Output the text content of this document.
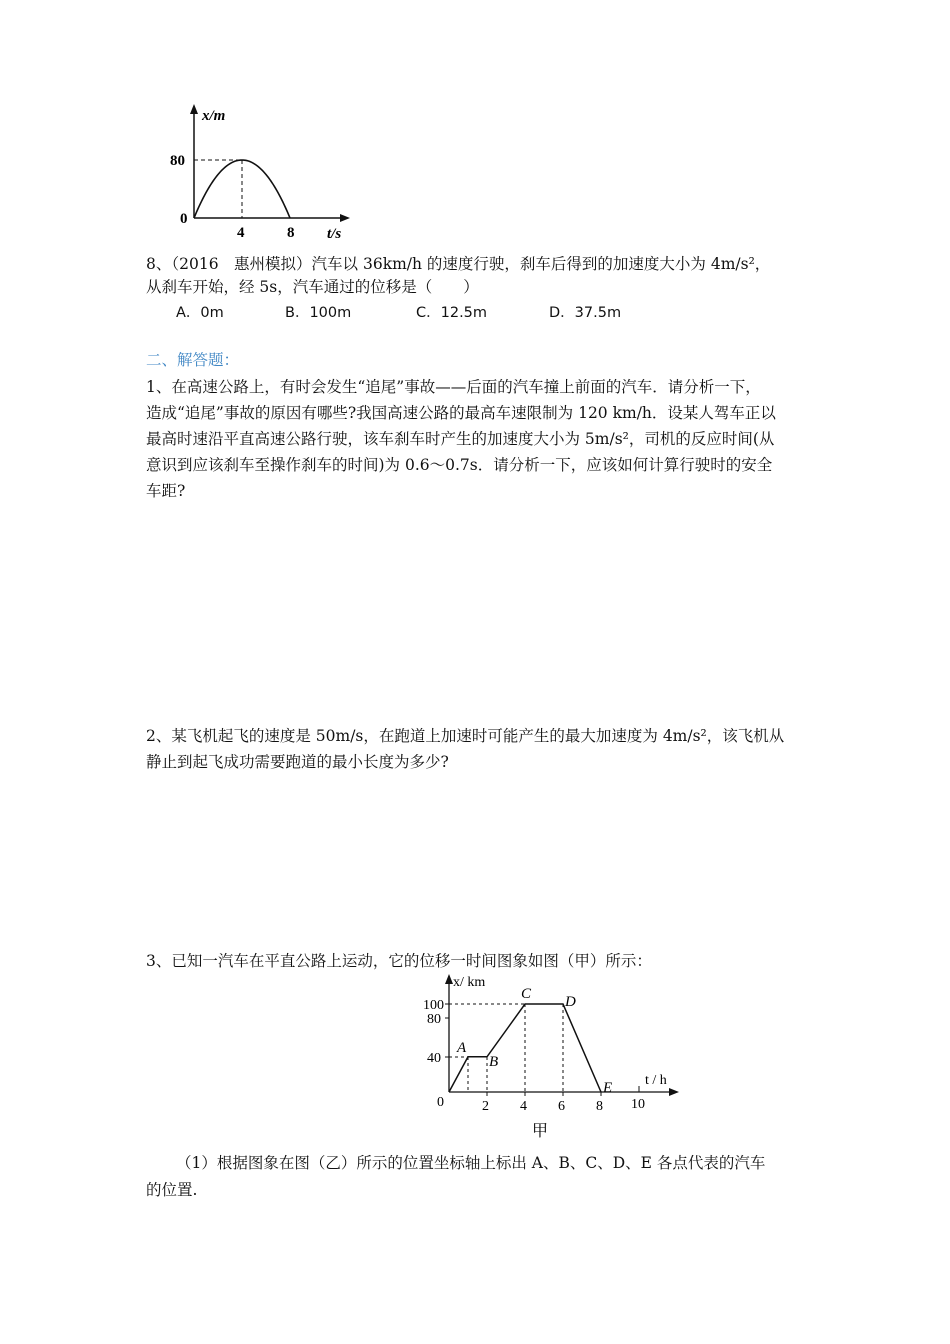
x/m
80
0
4	8 t/s
8、（2016　惠州模拟）汽车以 36km/h 的速度行驶，刹车后得到的加速度大小为 4m/s²，
从刹车开始，经 5s，汽车通过的位移是（　　）
A．0m	B．100m	C．12.5m	D．37.5m
二、解答题：
1、在高速公路上，有时会发生“追尾”事故——后面的汽车撞上前面的汽车．请分析一下，
造成“追尾”事故的原因有哪些?我国高速公路的最高车速限制为 120 km/h．设某人驾车正以
最高时速沿平直高速公路行驶，该车刹车时产生的加速度大小为 5m/s²，司机的反应时间(从
意识到应该刹车至操作刹车的时间)为 0.6～0.7s．请分析一下，应该如何计算行驶时的安全
车距?
2、某飞机起飞的速度是 50m/s，在跑道上加速时可能产生的最大加速度为 4m/s²，该飞机从
静止到起飞成功需要跑道的最小长度为多少?
3、已知一汽车在平直公路上运动，它的位移一时间图象如图（甲）所示：
A
B
C D
E
x/ km
t / h
100
80
40
0	2 4 6 8 10
甲
（1）根据图象在图（乙）所示的位置坐标轴上标出 A、B、C、D、E 各点代表的汽车
的位置.
